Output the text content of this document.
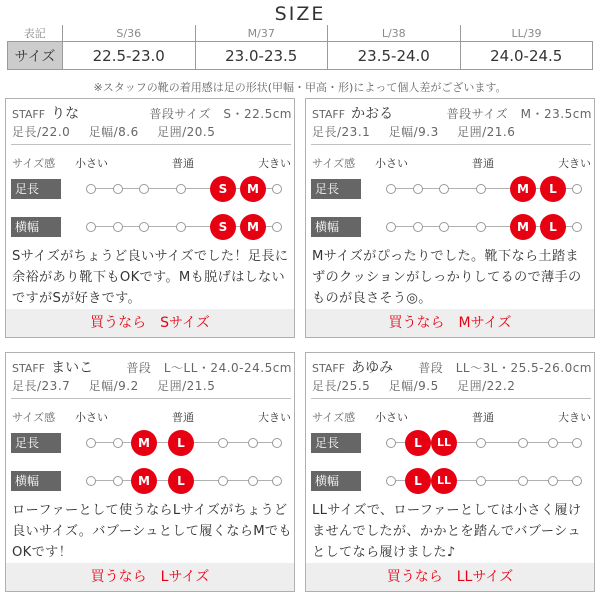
SIZE
表記	S/36	M/37	L/38	LL/39
サイズ	22.5-23.0	23.0-23.5	23.5-24.0	24.0-24.5
※スタッフの靴の着用感は足の形状(甲幅・甲高・形)によって個人差がございます。
STAFF りな	普段サイズ　 S・22.5cm
足長/22.0 足幅/8.6 足囲/20.5
サイズ感 小さい	普通	大きい
足長	S	M
横幅	S	M
Sサイズがちょうど良いサイズでした！足長に余裕があり靴下もOKです。Mも脱げはしないですがSが好きです。
買うなら　Sサイズ
STAFF かおる	普段サイズ　 M・23.5cm
足長/23.1 足幅/9.3 足囲/21.6
サイズ感 小さい	普通	大きい
足長	M	L
横幅	M	L
Mサイズがぴったりでした。靴下なら土踏まずのクッションがしっかりしてるので薄手のものが良さそう◎。
買うなら　Mサイズ
STAFF まいこ	普段　 L〜LL・24.0-24.5cm
足長/23.7 足幅/9.2 足囲/21.5
サイズ感 小さい	普通	大きい
足長	M	L
横幅	M	L
ローファーとして使うならLサイズがちょうど良いサイズ。バブーシュとして履くならMでもOKです！
買うなら　Lサイズ
STAFF あゆみ 普段　 LL〜3L・25.5-26.0cm
足長/25.5 足幅/9.5 足囲/22.2
サイズ感 小さい	普通	大きい
足長	L	LL
横幅	L	LL
LLサイズで、ローファーとしては小さく履けませんでしたが、かかとを踏んでバブーシュとしてなら履けました♪
買うなら　LLサイズ
